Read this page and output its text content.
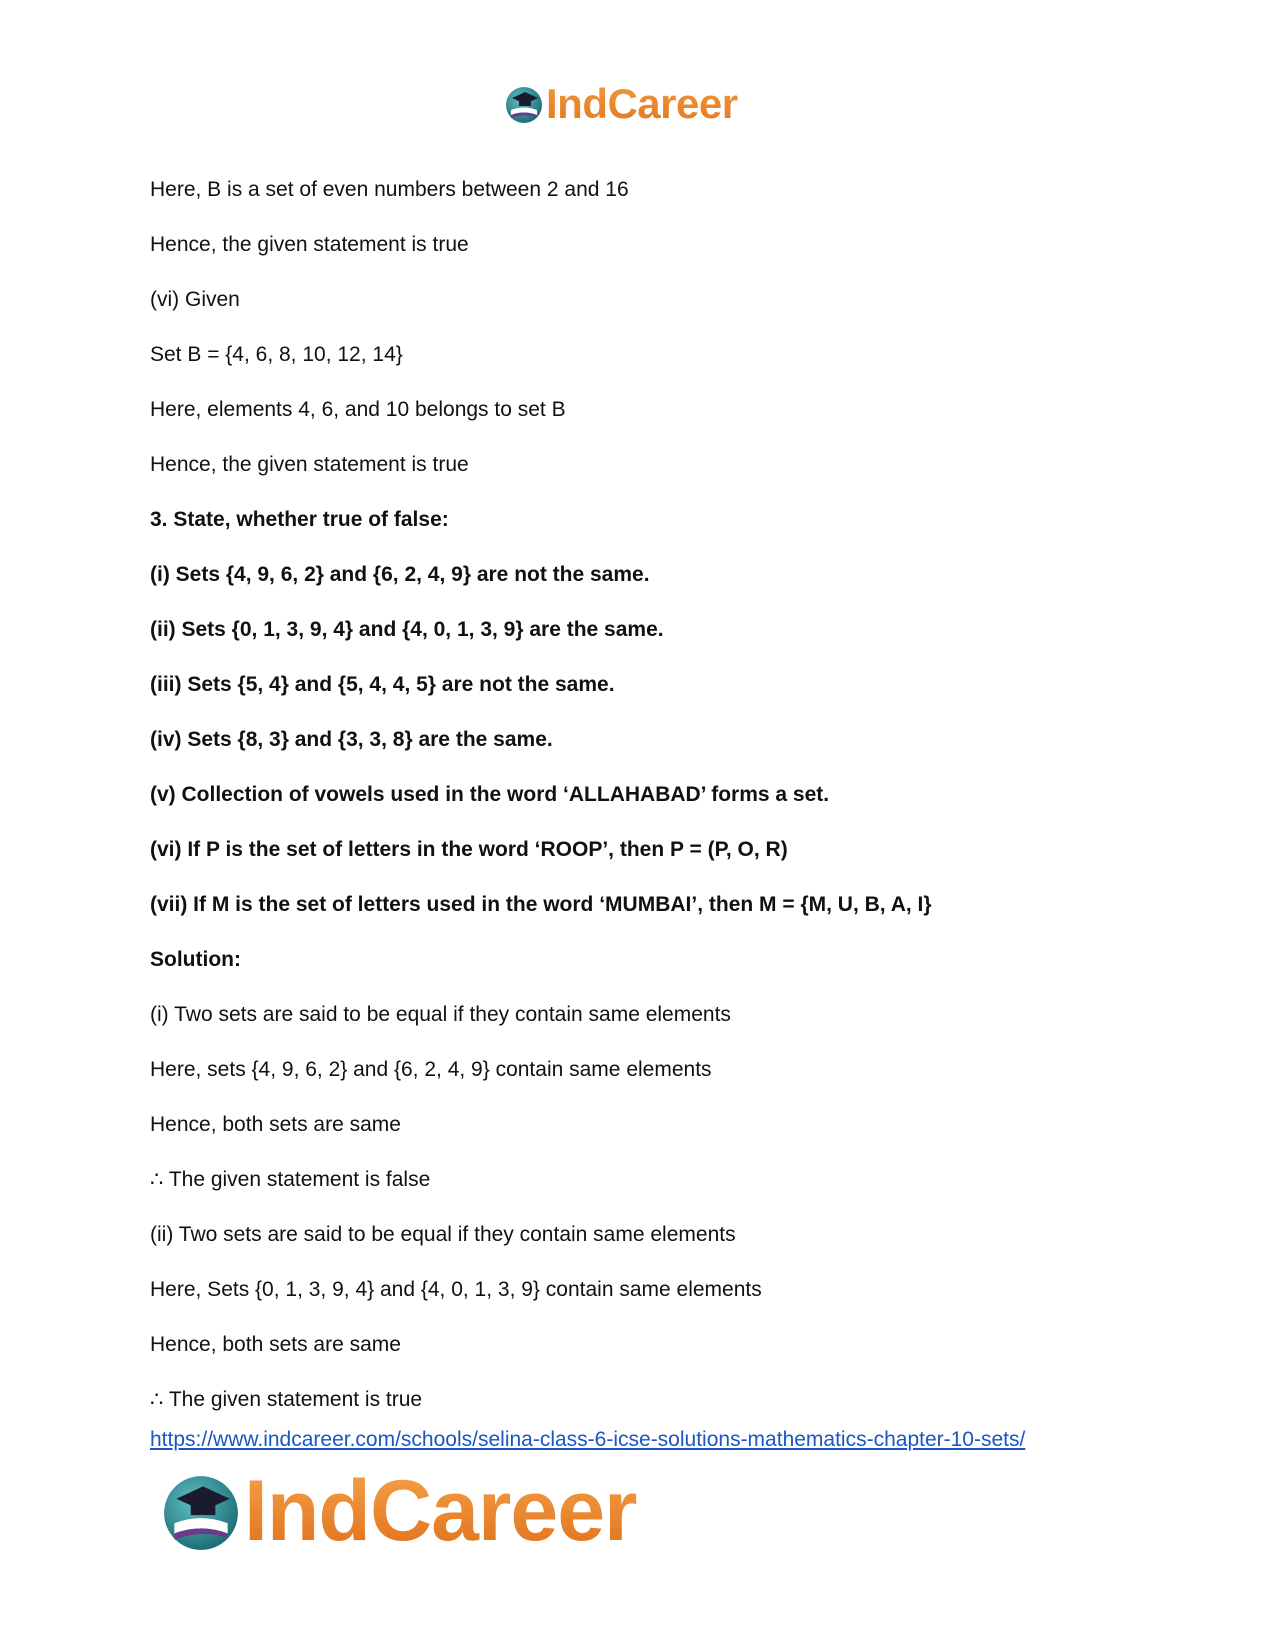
IndCareer
Here, B is a set of even numbers between 2 and 16
Hence, the given statement is true
(vi) Given
Set B = {4, 6, 8, 10, 12, 14}
Here, elements 4, 6, and 10 belongs to set B
Hence, the given statement is true
3. State, whether true of false:
(i) Sets {4, 9, 6, 2} and {6, 2, 4, 9} are not the same.
(ii) Sets {0, 1, 3, 9, 4} and {4, 0, 1, 3, 9} are the same.
(iii) Sets {5, 4} and {5, 4, 4, 5} are not the same.
(iv) Sets {8, 3} and {3, 3, 8} are the same.
(v) Collection of vowels used in the word ‘ALLAHABAD’ forms a set.
(vi) If P is the set of letters in the word ‘ROOP’, then P = (P, O, R)
(vii) If M is the set of letters used in the word ‘MUMBAI’, then M = {M, U, B, A, I}
Solution:
(i) Two sets are said to be equal if they contain same elements
Here, sets {4, 9, 6, 2} and {6, 2, 4, 9} contain same elements
Hence, both sets are same
∴ The given statement is false
(ii) Two sets are said to be equal if they contain same elements
Here, Sets {0, 1, 3, 9, 4} and {4, 0, 1, 3, 9} contain same elements
Hence, both sets are same
∴ The given statement is true
https://www.indcareer.com/schools/selina-class-6-icse-solutions-mathematics-chapter-10-sets/
IndCareer
